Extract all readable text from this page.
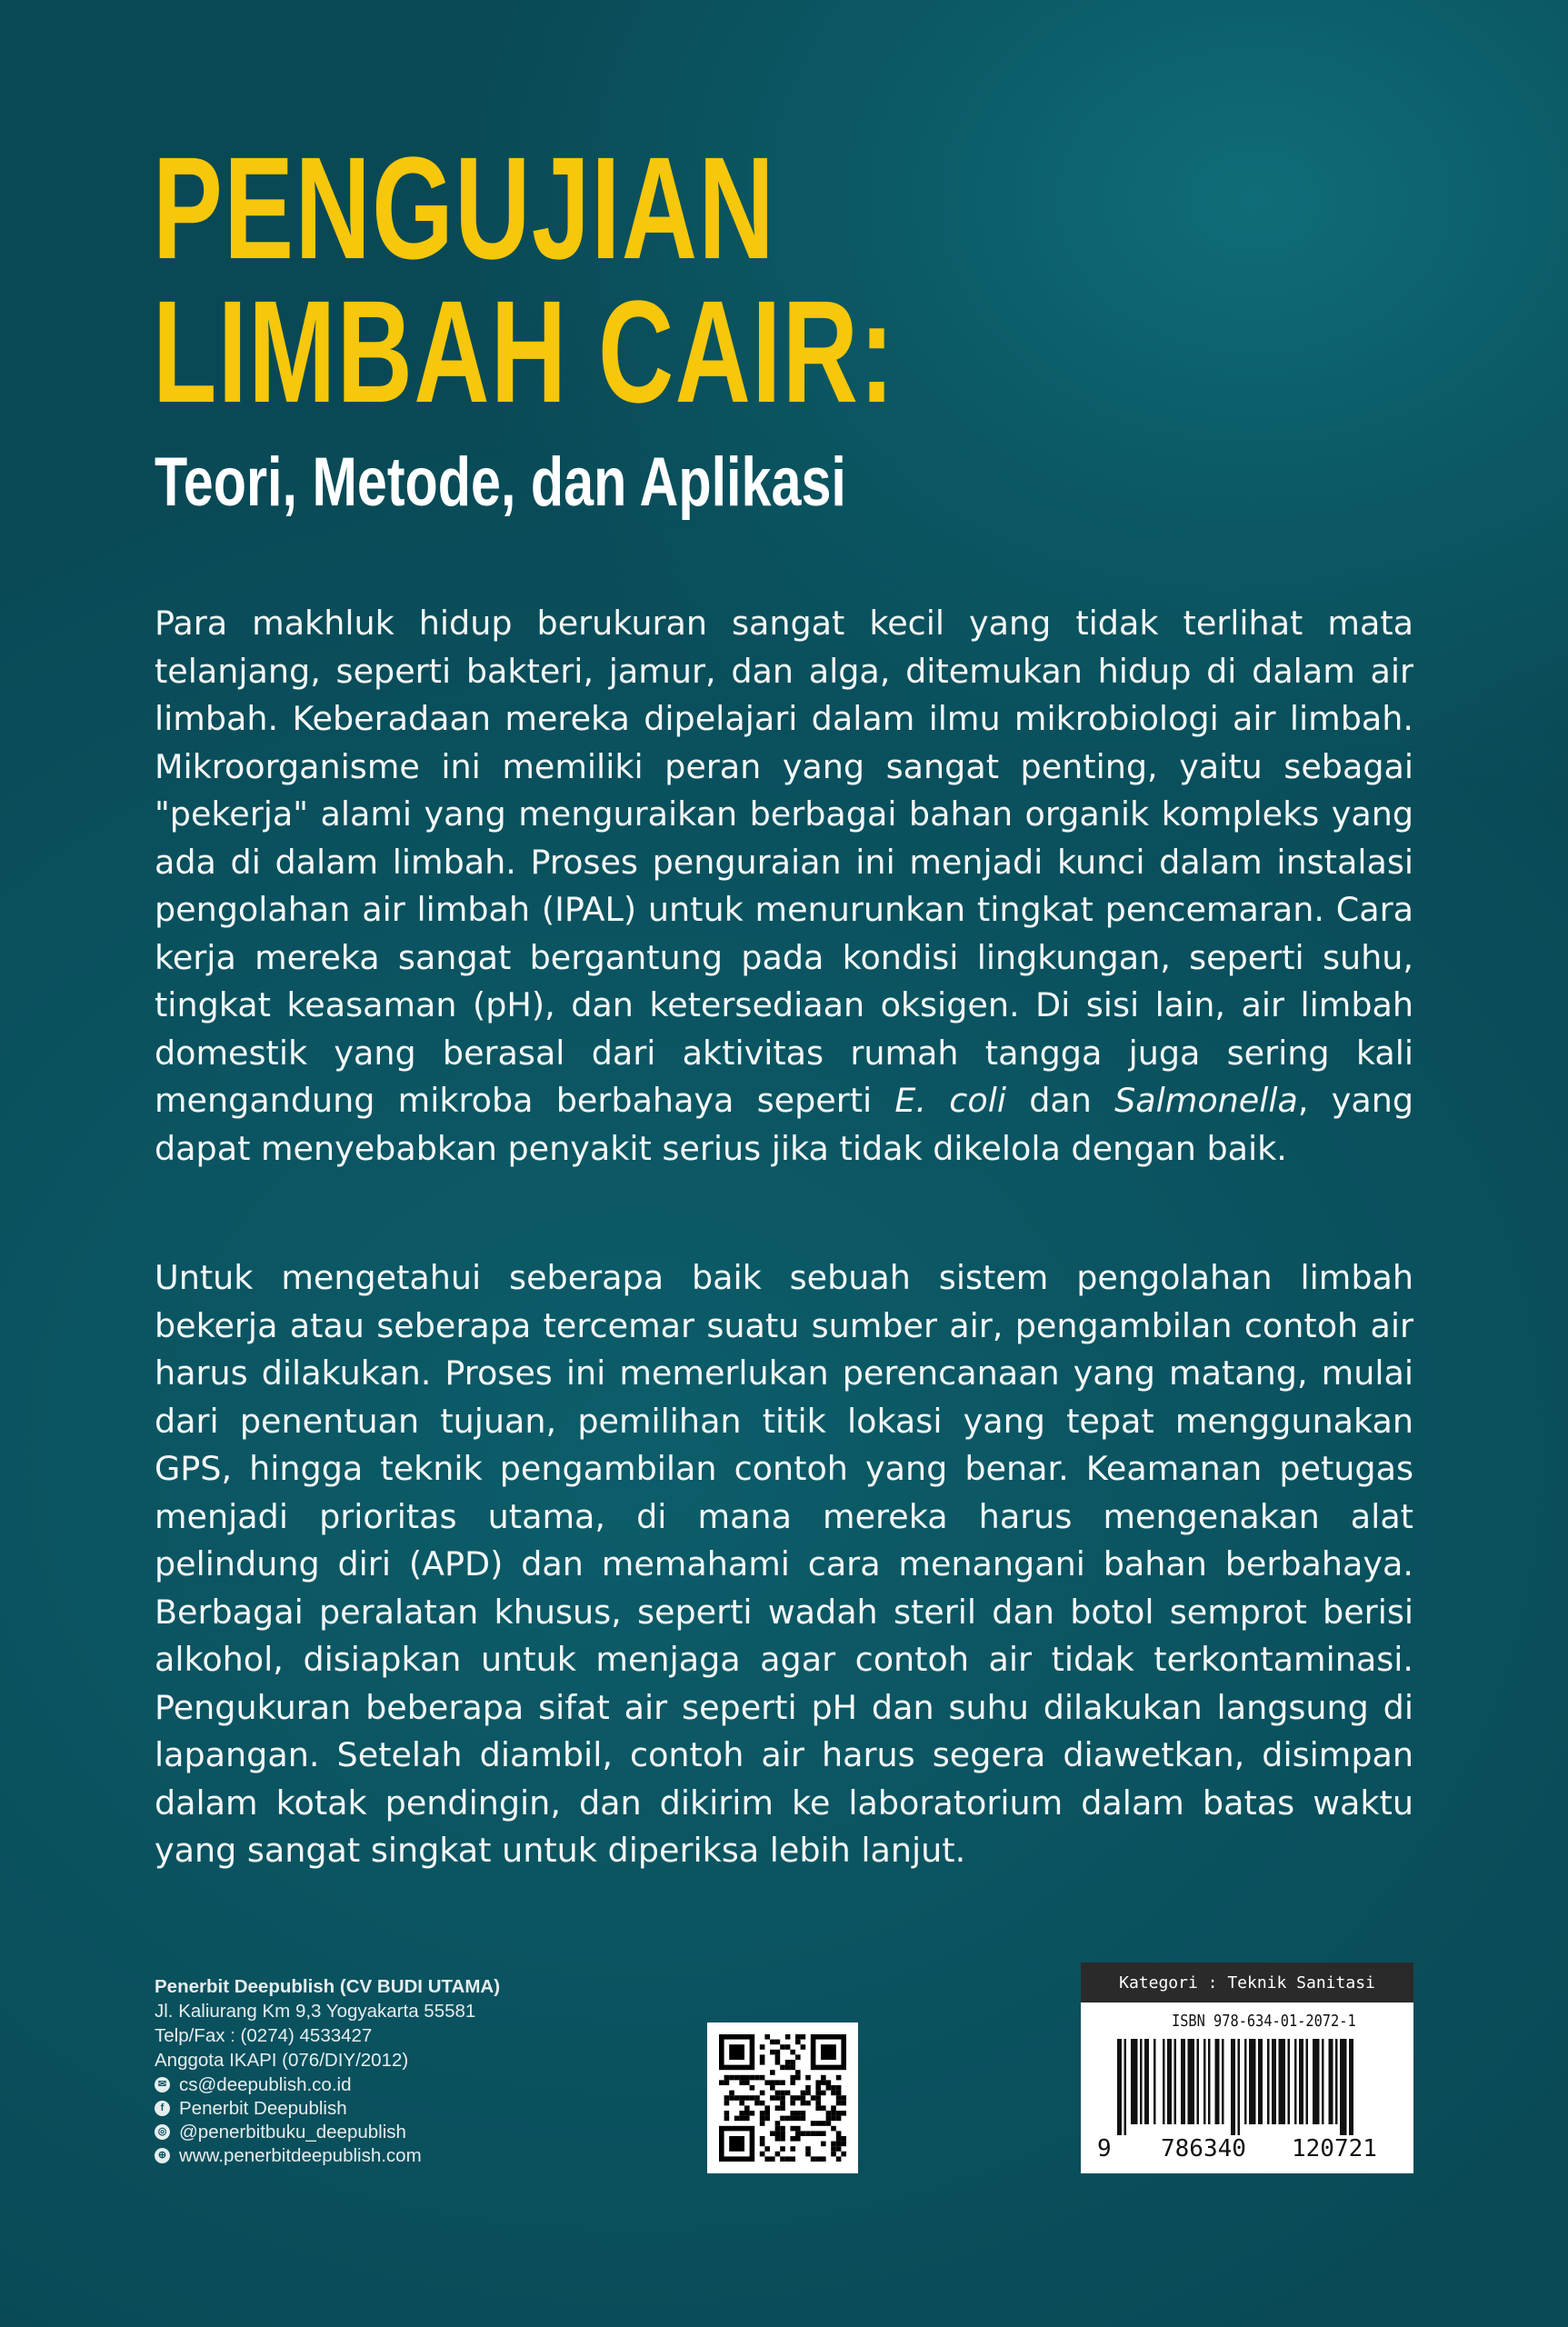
PENGUJIAN
LIMBAH CAIR:
Teori, Metode, dan Aplikasi

Para makhluk hidup berukuran sangat kecil yang tidak terlihat mata telanjang, seperti bakteri, jamur, dan alga, ditemukan hidup di dalam air limbah. Keberadaan mereka dipelajari dalam ilmu mikrobiologi air limbah. Mikroorganisme ini memiliki peran yang sangat penting, yaitu sebagai "pekerja" alami yang menguraikan berbagai bahan organik kompleks yang ada di dalam limbah. Proses penguraian ini menjadi kunci dalam instalasi pengolahan air limbah (IPAL) untuk menurunkan tingkat pencemaran. Cara kerja mereka sangat bergantung pada kondisi lingkungan, seperti suhu, tingkat keasaman (pH), dan ketersediaan oksigen. Di sisi lain, air limbah domestik yang berasal dari aktivitas rumah tangga juga sering kali mengandung mikroba berbahaya seperti E. coli dan Salmonella, yang dapat menyebabkan penyakit serius jika tidak dikelola dengan baik.

Untuk mengetahui seberapa baik sebuah sistem pengolahan limbah bekerja atau seberapa tercemar suatu sumber air, pengambilan contoh air harus dilakukan. Proses ini memerlukan perencanaan yang matang, mulai dari penentuan tujuan, pemilihan titik lokasi yang tepat menggunakan GPS, hingga teknik pengambilan contoh yang benar. Keamanan petugas menjadi prioritas utama, di mana mereka harus mengenakan alat pelindung diri (APD) dan memahami cara menangani bahan berbahaya. Berbagai peralatan khusus, seperti wadah steril dan botol semprot berisi alkohol, disiapkan untuk menjaga agar contoh air tidak terkontaminasi. Pengukuran beberapa sifat air seperti pH dan suhu dilakukan langsung di lapangan. Setelah diambil, contoh air harus segera diawetkan, disimpan dalam kotak pendingin, dan dikirim ke laboratorium dalam batas waktu yang sangat singkat untuk diperiksa lebih lanjut.

Penerbit Deepublish (CV BUDI UTAMA)
Jl. Kaliurang Km 9,3 Yogyakarta 55581
Telp/Fax : (0274) 4533427
Anggota IKAPI (076/DIY/2012)
✉ cs@deepublish.co.id
f Penerbit Deepublish
◎ @penerbitbuku_deepublish
⊕ www.penerbitdeepublish.com
Kategori : Teknik Sanitasi
ISBN 978-634-01-2072-1
9 786340 120721
